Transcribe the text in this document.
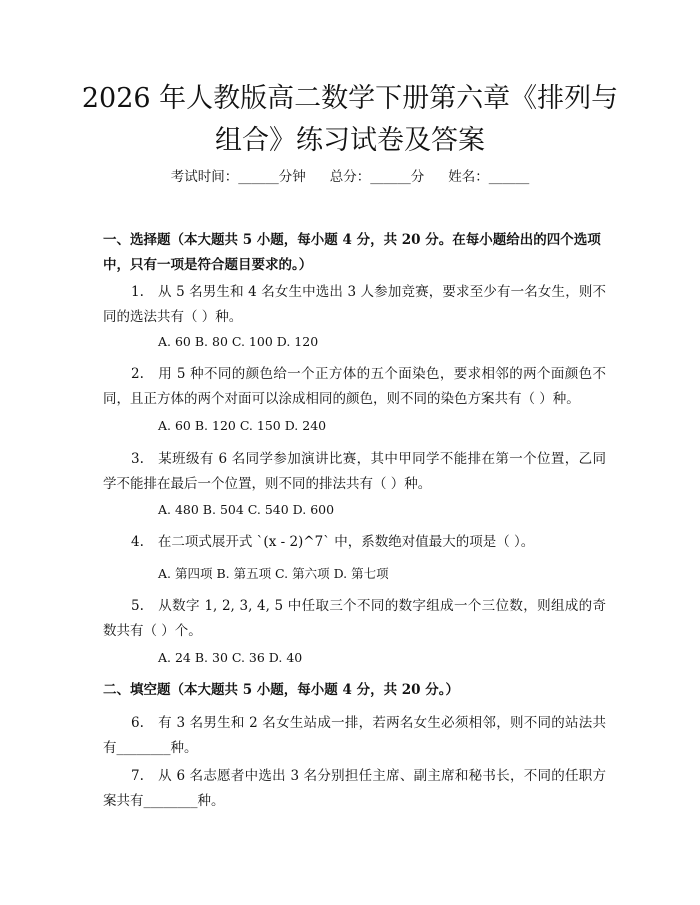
2026 年人教版高二数学下册第六章《排列与
组合》练习试卷及答案
考试时间：______分钟 总分：______分 姓名：______
一、选择题（本大题共 5 小题，每小题 4 分，共 20 分。在每小题给出的四个选项中，只有一项是符合题目要求的。）
1. 从 5 名男生和 4 名女生中选出 3 人参加竞赛，要求至少有一名女生，则不同的选法共有（ ）种。
A. 60 B. 80 C. 100 D. 120
2. 用 5 种不同的颜色给一个正方体的五个面染色，要求相邻的两个面颜色不同，且正方体的两个对面可以涂成相同的颜色，则不同的染色方案共有（ ）种。
A. 60 B. 120 C. 150 D. 240
3. 某班级有 6 名同学参加演讲比赛，其中甲同学不能排在第一个位置，乙同学不能排在最后一个位置，则不同的排法共有（ ）种。
A. 480 B. 504 C. 540 D. 600
4. 在二项式展开式 `(x - 2)^7` 中，系数绝对值最大的项是（ ）。
A. 第四项 B. 第五项 C. 第六项 D. 第七项
5. 从数字 1, 2, 3, 4, 5 中任取三个不同的数字组成一个三位数，则组成的奇数共有（ ）个。
A. 24 B. 30 C. 36 D. 40
二、填空题（本大题共 5 小题，每小题 4 分，共 20 分。）
6. 有 3 名男生和 2 名女生站成一排，若两名女生必须相邻，则不同的站法共有________种。
7. 从 6 名志愿者中选出 3 名分别担任主席、副主席和秘书长，不同的任职方案共有________种。
